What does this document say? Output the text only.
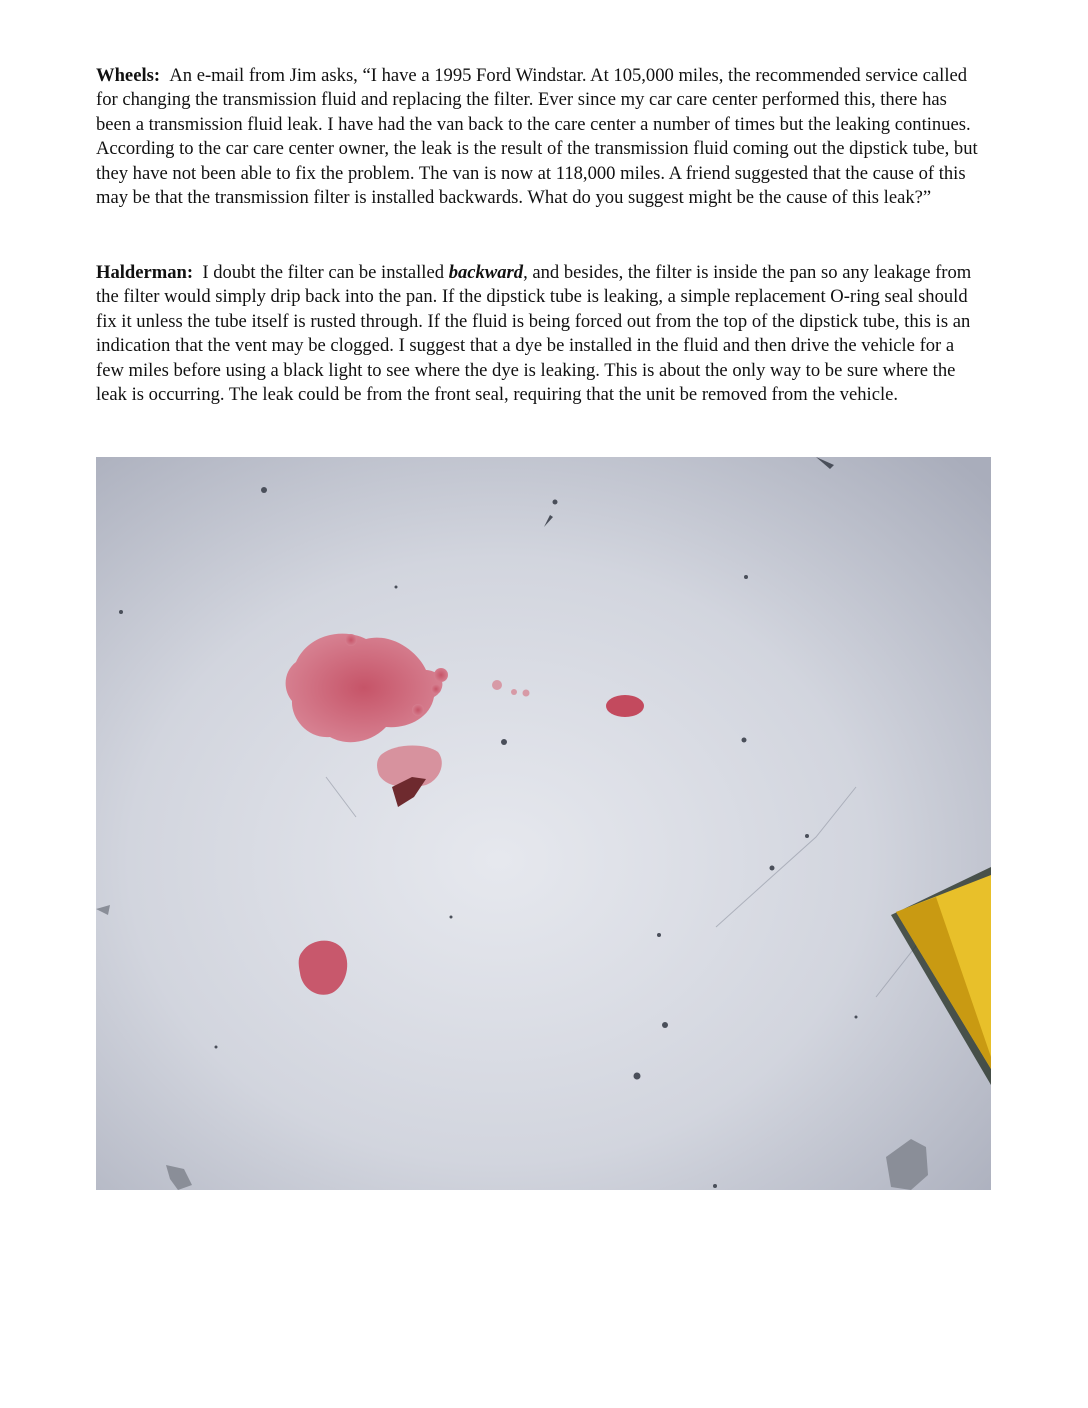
Wheels: An e-mail from Jim asks, “I have a 1995 Ford Windstar. At 105,000 miles, the recommended service called for changing the transmission fluid and replacing the filter. Ever since my car care center performed this, there has been a transmission fluid leak. I have had the van back to the care center a number of times but the leaking continues. According to the car care center owner, the leak is the result of the transmission fluid coming out the dipstick tube, but they have not been able to fix the problem. The van is now at 118,000 miles. A friend suggested that the cause of this may be that the transmission filter is installed backwards. What do you suggest might be the cause of this leak?”

Halderman: I doubt the filter can be installed backward, and besides, the filter is inside the pan so any leakage from the filter would simply drip back into the pan. If the dipstick tube is leaking, a simple replacement O-ring seal should fix it unless the tube itself is rusted through. If the fluid is being forced out from the top of the dipstick tube, this is an indication that the vent may be clogged. I suggest that a dye be installed in the fluid and then drive the vehicle for a few miles before using a black light to see where the dye is leaking. This is about the only way to be sure where the leak is occurring. The leak could be from the front seal, requiring that the unit be removed from the vehicle.
